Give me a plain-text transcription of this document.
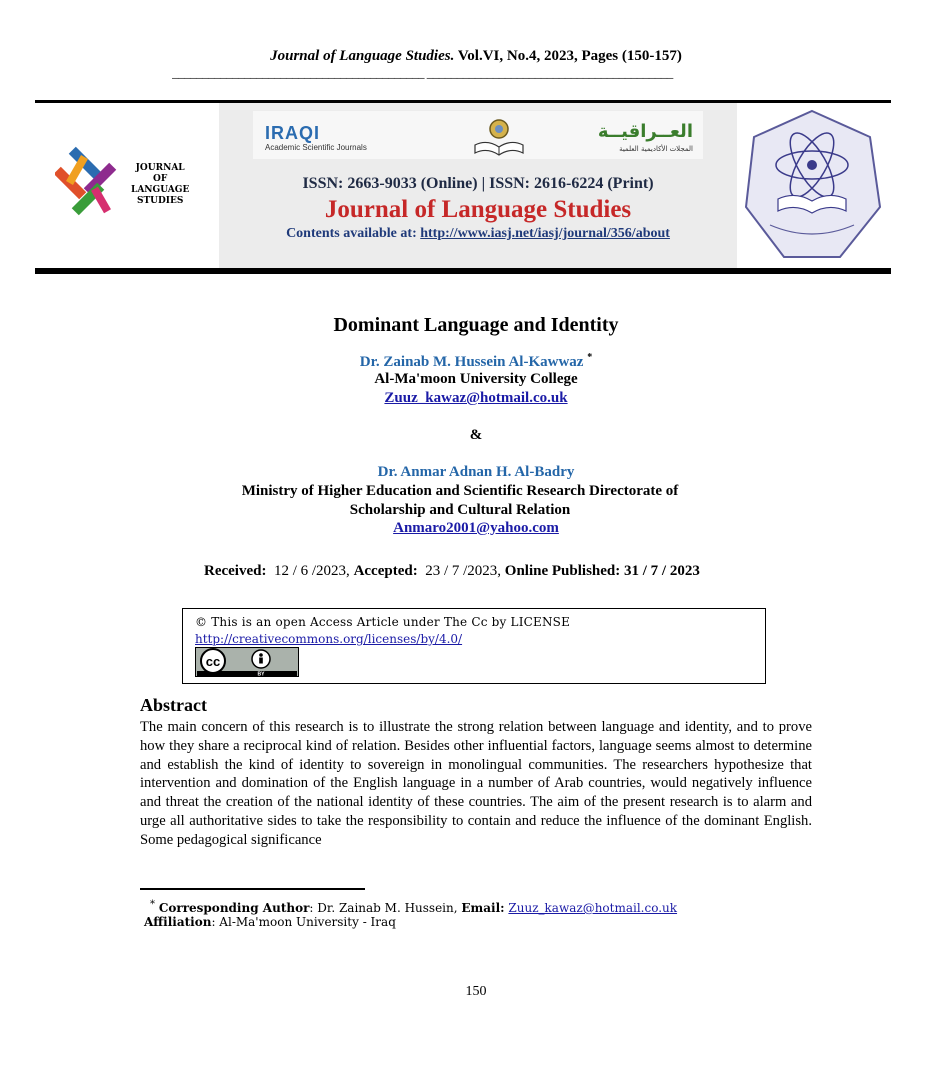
Journal of Language Studies. Vol.VI, No.4, 2023, Pages (150-157)
__________________________________________ _________________________________________
JOURNAL
OF
LANGUAGE
STUDIES
IRAQI
Academic Scientific Journals
العــراقيــة
المجلات الأكاديمية العلمية
ISSN: 2663-9033 (Online) | ISSN: 2616-6224 (Print)
Journal of Language Studies
Contents available at: http://www.iasj.net/iasj/journal/356/about
Dominant Language and Identity
Dr. Zainab M. Hussein Al-Kawwaz *
Al-Ma'moon University College
Zuuz_kawaz@hotmail.co.uk
&
Dr. Anmar Adnan H. Al-Badry
Ministry of Higher Education and Scientific Research Directorate of
Scholarship and Cultural Relation
Anmaro2001@yahoo.com
Received: 12 / 6 /2023, Accepted: 23 / 7 /2023, Online Published: 31 / 7 / 2023
© This is an open Access Article under The Cc by LICENSE
http://creativecommons.org/licenses/by/4.0/
cc
BY
Abstract
The main concern of this research is to illustrate the strong relation between language and identity, and to prove how they share a reciprocal kind of relation. Besides other influential factors, language seems almost to determine and establish the kind of identity to sovereign in monolingual communities. The researchers hypothesize that intervention and domination of the English language in a number of Arab countries, would negatively influence and threat the creation of the national identity of these countries. The aim of the present research is to alarm and urge all authoritative sides to take the responsibility to contain and reduce the influence of the dominant English. Some pedagogical significance
* Corresponding Author: Dr. Zainab M. Hussein, Email: Zuuz_kawaz@hotmail.co.uk
Affiliation: Al-Ma'moon University - Iraq
150
